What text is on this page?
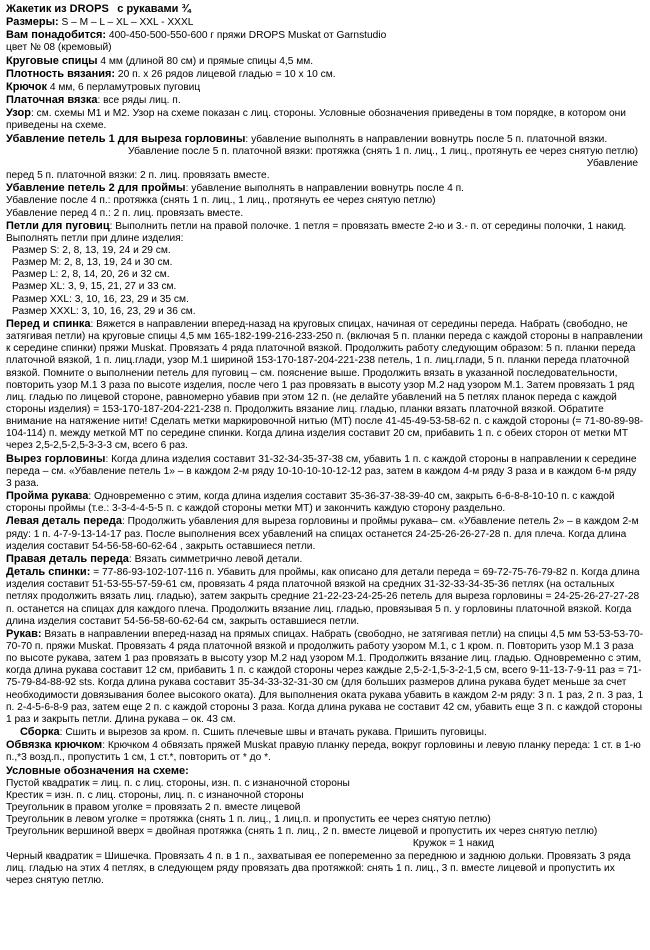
Жакетик из DROPS с рукавами ¾

Размеры: S – M – L – XL – XXL - XXXL

Вам понадобится: 400-450-500-550-600 г пряжи DROPS Muskat от Garnstudio

цвет № 08 (кремовый)

Круговые спицы 4 мм (длиной 80 см) и прямые спицы 4,5 мм.

Плотность вязания: 20 п. х 26 рядов лицевой гладью = 10 х 10 см.

Крючок 4 мм, 6 перламутровых пуговиц

Платочная вязка: все ряды лиц. п.

Узор: см. схемы М1 и М2. Узор на схеме показан с лиц. стороны. Условные обозначения приведены в том порядке, в котором они приведены на схеме.

Убавление петель 1 для выреза горловины: убавление выполнять в направлении вовнутрь после 5 п. платочной вязки.

Убавление после 5 п. платочной вязки: протяжка (снять 1 п. лиц., 1 лиц., протянуть ее через снятую петлю)

Убавление

перед 5 п. платочной вязки: 2 п. лиц. провязать вместе.

Убавление петель 2 для проймы: убавление выполнять в направлении вовнутрь после 4 п.

Убавление после 4 п.: протяжка (снять 1 п. лиц., 1 лиц., протянуть ее через снятую петлю)

Убавление перед 4 п.: 2 п. лиц. провязать вместе.

Петли для пуговиц: Выполнить петли на правой полочке. 1 петля = провязать вместе 2-ю и 3.- п. от середины полочки, 1 накид. Выполнять петли при длине изделия:

Размер S: 2, 8, 13, 19, 24 и 29 см.

Размер M: 2, 8, 13, 19, 24 и 30 см.

Размер L: 2, 8, 14, 20, 26 и 32 см.

Размер XL: 3, 9, 15, 21, 27 и 33 см.

Размер XXL: 3, 10, 16, 23, 29 и 35 см.

Размер XXXL: 3, 10, 16, 23, 29 и 36 см.

Перед и спинка: Вяжется в направлении вперед-назад на круговых спицах, начиная от середины переда. Набрать (свободно, не затягивая петли) на круговые спицы 4,5 мм 165-182-199-216-233-250 п. (включая 5 п. планки переда с каждой стороны в направлении к середине спинки) пряжи Muskat. Провязать 4 ряда платочной вязкой. Продолжить работу следующим образом: 5 п. планки переда платочной вязкой, 1 п. лиц.глади, узор М.1 шириной 153-170-187-204-221-238 петель, 1 п. лиц.глади, 5 п. планки переда платочной вязкой. Помните о выполнении петель для пуговиц – см. пояснение выше. Продолжить вязать в указанной последовательности, повторить узор М.1 3 раза по высоте изделия, после чего 1 раз провязать в высоту узор М.2 над узором М.1. Затем провязать 1 ряд лиц. гладью по лицевой стороне, равномерно убавив при этом 12 п. (не делайте убавлений на 5 петлях планок переда с каждой стороны изделия) = 153-170-187-204-221-238 п. Продолжить вязание лиц. гладью, планки вязать платочной вязкой. Обратите внимание на натяжение нити! Сделать метки маркировочной нитью (МТ) после 41-45-49-53-58-62 п. с каждой стороны (= 71-80-89-98-104-114) п. между меткой МТ по середине спинки. Когда длина изделия составит 20 см, прибавить 1 п. с обеих сторон от метки МТ через 2,5-2,5-2,5-3-3-3 см, всего 6 раз.

Вырез горловины: Когда длина изделия составит 31-32-34-35-37-38 см, убавить 1 п. с каждой стороны в направлении к середине переда – см. «Убавление петель 1» – в каждом 2-м ряду 10-10-10-10-12-12 раз, затем в каждом 4-м ряду 3 раза и в каждом 6-м ряду 3 раза.

Пройма рукава: Одновременно с этим, когда длина изделия составит 35-36-37-38-39-40 см, закрыть 6-6-8-8-10-10 п. с каждой стороны проймы (т.е.: 3-3-4-4-5-5 п. с каждой стороны метки МТ) и закончить каждую сторону раздельно.

Левая деталь переда: Продолжить убавления для выреза горловины и проймы рукава– см. «Убавление петель 2» – в каждом 2-м ряду: 1 п. 4-7-9-13-14-17 раз. После выполнения всех убавлений на спицах останется 24-25-26-26-27-28 п. для плеча. Когда длина изделия составит 54-56-58-60-62-64 , закрыть оставшиеся петли.

Правая деталь переда: Вязать симметрично левой детали.

Деталь спинки: = 77-86-93-102-107-116 п. Убавить для проймы, как описано для детали переда = 69-72-75-76-79-82 п. Когда длина изделия составит 51-53-55-57-59-61 см, провязать 4 ряда платочной вязкой на средних 31-32-33-34-35-36 петлях (на остальных петлях продолжить вязать лиц. гладью), затем закрыть средние 21-22-23-24-25-26 петель для выреза горловины = 24-25-26-27-27-28 п. останется на спицах для каждого плеча. Продолжить вязание лиц. гладью, провязывая 5 п. у горловины платочной вязкой. Когда длина изделия составит 54-56-58-60-62-64 см, закрыть оставшиеся петли.

Рукав: Вязать в направлении вперед-назад на прямых спицах. Набрать (свободно, не затягивая петли) на спицы 4,5 мм 53-53-53-70-70-70 п. пряжи Muskat. Провязать 4 ряда платочной вязкой и продолжить работу узором М.1, с 1 кром. п. Повторить узор М.1 3 раза по высоте рукава, затем 1 раз провязать в высоту узор М.2 над узором М.1. Продолжить вязание лиц. гладью. Одновременно с этим, когда длина рукава составит 12 см, прибавить 1 п. с каждой стороны через каждые 2,5-2-1,5-3-2-1,5 см, всего 9-11-13-7-9-11 раз = 71-75-79-84-88-92 sts. Когда длина рукава составит 35-34-33-32-31-30 см (для больших размеров длина рукава будет меньше за счет необходимости довязывания более высокого оката). Для выполнения оката рукава убавить в каждом 2-м ряду: 3 п. 1 раз, 2 п. 3 раз, 1 п. 2-4-5-6-8-9 раз, затем еще 2 п. с каждой стороны 3 раза. Когда длина рукава не составит 42 см, убавить еще 3 п. с каждой стороны 1 раз и закрыть петли. Длина рукава – ок. 43 см.

Сборка: Сшить и вырезов за кром. п. Сшить плечевые швы и втачать рукава. Пришить пуговицы.

Обвязка крючком: Крючком 4 обвязать пряжей Muskat правую планку переда, вокруг горловины и левую планку переда: 1 ст. в 1-ю п.,*3 возд.п., пропустить 1 см, 1 ст.*, повторить от * до *.

Условные обозначения на схеме:

Пустой квадратик = лиц. п. с лиц. стороны, изн. п. с изнаночной стороны

Крестик = изн. п. с лиц. стороны, лиц. п. с изнаночной стороны

Треугольник в правом уголке = провязать 2 п. вместе лицевой

Треугольник в левом уголке = протяжка (снять 1 п. лиц., 1 лиц.п. и пропустить ее через снятую петлю)

Треугольник вершиной вверх = двойная протяжка (снять 1 п. лиц., 2 п. вместе лицевой и пропустить их через снятую петлю)

Кружок = 1 накид

Черный квадратик = Шишечка. Провязать 4 п. в 1 п., захватывая ее попеременно за переднюю и заднюю дольки. Провязать 3 ряда лиц. гладью на этих 4 петлях, в следующем ряду провязать два протяжкой: снять 1 п. лиц., 3 п. вместе лицевой и пропустить их через снятую петлю.
